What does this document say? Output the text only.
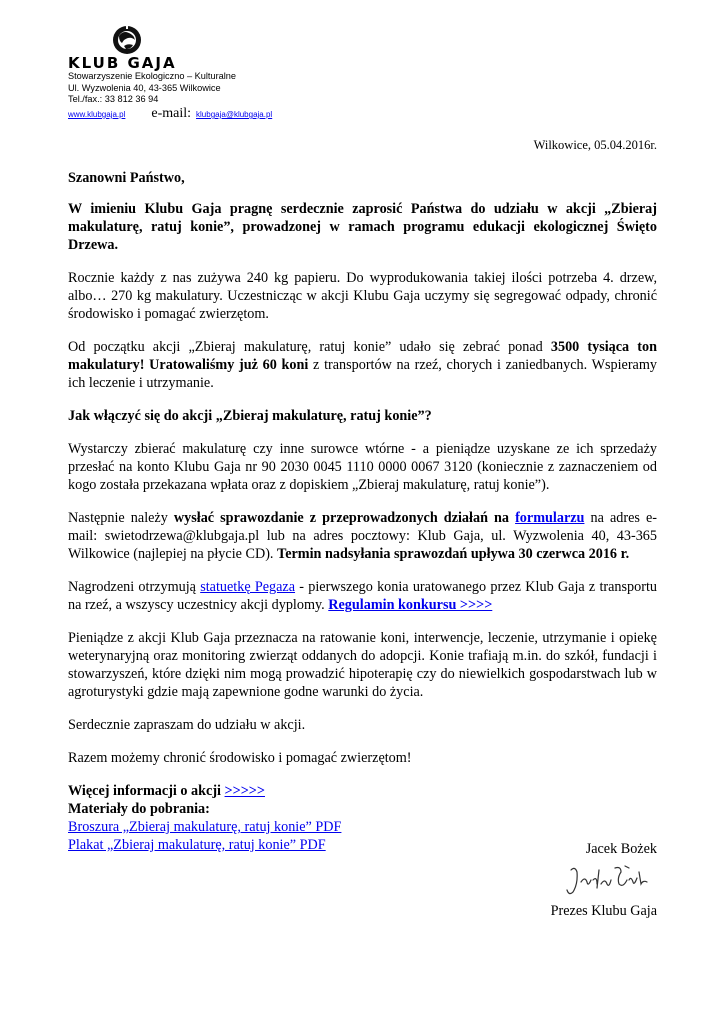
KLUB GAJA
Stowarzyszenie Ekologiczno – Kulturalne
Ul. Wyzwolenia 40, 43-365 Wilkowice
Tel./fax.: 33 812 36 94
www.klubgaja.pl e-mail: klubgaja@klubgaja.pl
Wilkowice, 05.04.2016r.

Szanowni Państwo,

W imieniu Klubu Gaja pragnę serdecznie zaprosić Państwa do udziału w akcji „Zbieraj makulaturę, ratuj konie”, prowadzonej w ramach programu edukacji ekologicznej Święto Drzewa.

Rocznie każdy z nas zużywa 240 kg papieru. Do wyprodukowania takiej ilości potrzeba 4. drzew, albo… 270 kg makulatury. Uczestnicząc w akcji Klubu Gaja uczymy się segregować odpady, chronić środowisko i pomagać zwierzętom.

Od początku akcji „Zbieraj makulaturę, ratuj konie” udało się zebrać ponad 3500 tysiąca ton makulatury! Uratowaliśmy już 60 koni z transportów na rzeź, chorych i zaniedbanych. Wspieramy ich leczenie i utrzymanie.

Jak włączyć się do akcji „Zbieraj makulaturę, ratuj konie”?

Wystarczy zbierać makulaturę czy inne surowce wtórne - a pieniądze uzyskane ze ich sprzedaży przesłać na konto Klubu Gaja nr 90 2030 0045 1110 0000 0067 3120 (koniecznie z zaznaczeniem od kogo została przekazana wpłata oraz z dopiskiem „Zbieraj makulaturę, ratuj konie”).

Następnie należy wysłać sprawozdanie z przeprowadzonych działań na formularzu na adres e-mail: swietodrzewa@klubgaja.pl lub na adres pocztowy: Klub Gaja, ul. Wyzwolenia 40, 43-365 Wilkowice (najlepiej na płycie CD). Termin nadsyłania sprawozdań upływa 30 czerwca 2016 r.

Nagrodzeni otrzymują statuetkę Pegaza - pierwszego konia uratowanego przez Klub Gaja z transportu na rzeź, a wszyscy uczestnicy akcji dyplomy. Regulamin konkursu >>>>

Pieniądze z akcji Klub Gaja przeznacza na ratowanie koni, interwencje, leczenie, utrzymanie i opiekę weterynaryjną oraz monitoring zwierząt oddanych do adopcji. Konie trafiają m.in. do szkół, fundacji i stowarzyszeń, które dzięki nim mogą prowadzić hipoterapię czy do niewielkich gospodarstwach lub w agroturystyki gdzie mają zapewnione godne warunki do życia.

Serdecznie zapraszam do udziału w akcji.

Razem możemy chronić środowisko i pomagać zwierzętom!

Więcej informacji o akcji >>>>>
Materiały do pobrania:
Broszura „Zbieraj makulaturę, ratuj konie” PDF
Plakat „Zbieraj makulaturę, ratuj konie” PDF	Jacek Bożek
Prezes Klubu Gaja
